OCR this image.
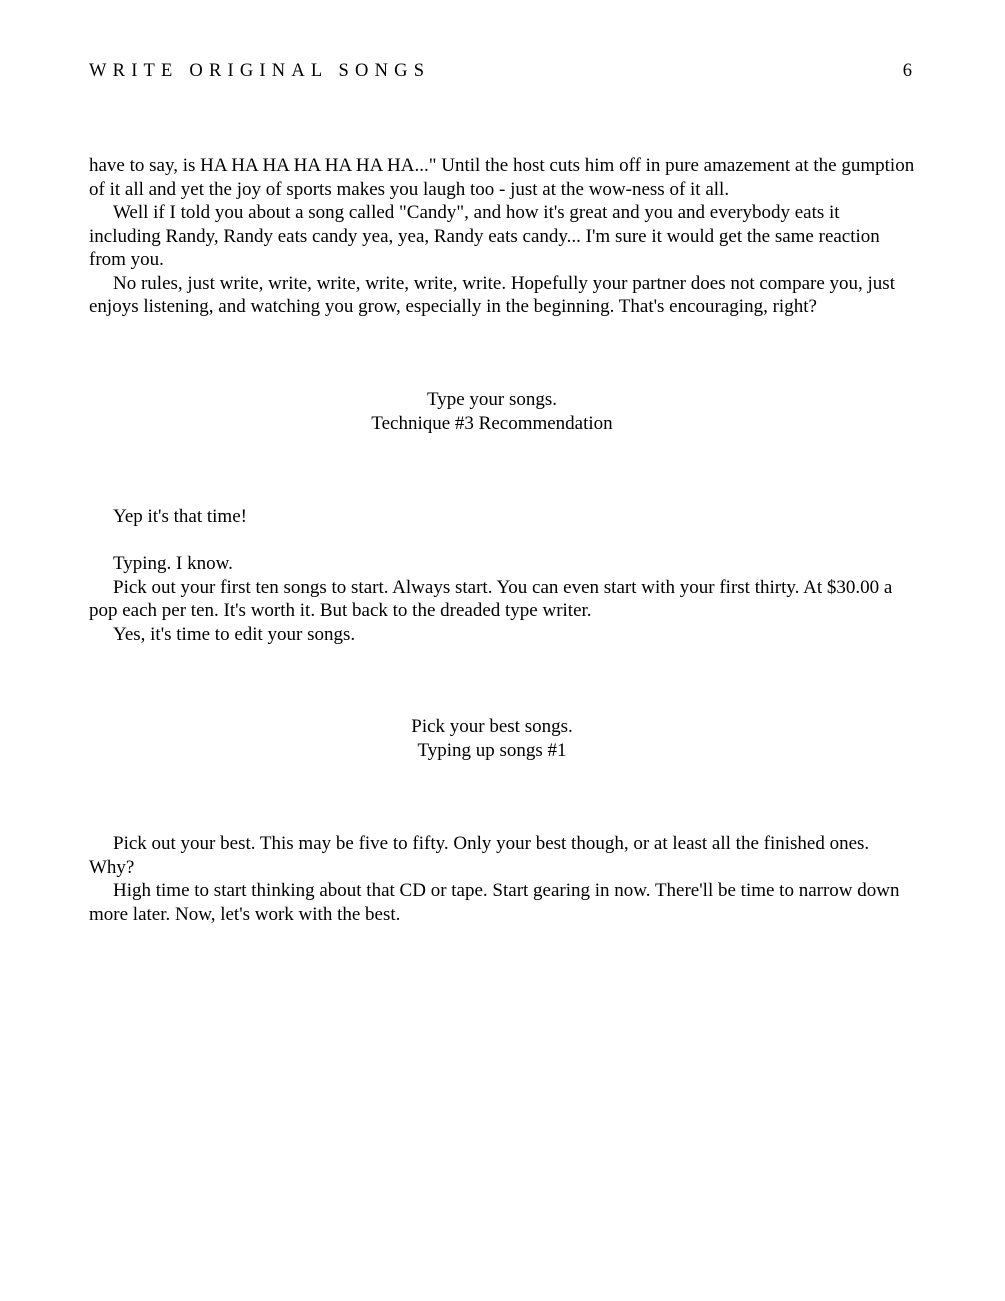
WRITE ORIGINAL SONGS	6

have to say, is HA HA HA HA HA HA HA..." Until the host cuts him off in pure amazement at the gumption of it all and yet the joy of sports makes you laugh too - just at the wow-ness of it all.

Well if I told you about a song called "Candy", and how it's great and you and everybody eats it including Randy, Randy eats candy yea, yea, Randy eats candy... I'm sure it would get the same reaction from you.

No rules, just write, write, write, write, write, write. Hopefully your partner does not compare you, just enjoys listening, and watching you grow, especially in the beginning. That's encouraging, right?

Type your songs.
Technique #3 Recommendation

Yep it's that time!

Typing. I know.

Pick out your first ten songs to start. Always start. You can even start with your first thirty. At $30.00 a pop each per ten. It's worth it. But back to the dreaded type writer.

Yes, it's time to edit your songs.

Pick your best songs.
Typing up songs #1

Pick out your best. This may be five to fifty. Only your best though, or at least all the finished ones. Why?

High time to start thinking about that CD or tape. Start gearing in now. There'll be time to narrow down more later. Now, let's work with the best.
